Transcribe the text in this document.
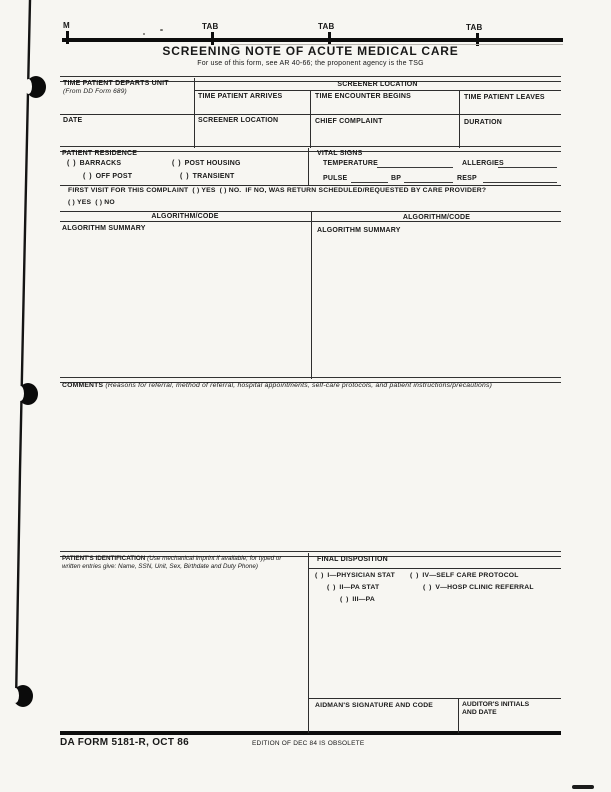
M	TAB	TAB	TAB
SCREENING NOTE OF ACUTE MEDICAL CARE
For use of this form, see AR 40-66; the proponent agency is the TSG
TIME PATIENT DEPARTS UNIT
(From DD Form 689)
SCREENER LOCATION
TIME PATIENT ARRIVES	TIME ENCOUNTER BEGINS	TIME PATIENT LEAVES
DATE	SCREENER LOCATION	CHIEF COMPLAINT	DURATION
PATIENT RESIDENCE
( ) BARRACKS	( ) POST HOUSING
( ) OFF POST	( ) TRANSIENT
VITAL SIGNS
TEMPERATURE	ALLERGIES
PULSE	BP	RESP
FIRST VISIT FOR THIS COMPLAINT ( ) YES ( ) NO. IF NO, WAS RETURN SCHEDULED/REQUESTED BY CARE PROVIDER?
( ) YES ( ) NO
ALGORITHM/CODE	ALGORITHM/CODE
ALGORITHM SUMMARY	ALGORITHM SUMMARY
COMMENTS (Reasons for referral, method of referral, hospital appointments, self-care protocols, and patient instructions/precautions)
PATIENT'S IDENTIFICATION (Use mechanical imprint if available; for typed or written entries give: Name, SSN, Unit, Sex, Birthdate and Duty Phone)
FINAL DISPOSITION
( ) I—PHYSICIAN STAT ( ) IV—SELF CARE PROTOCOL
( ) II—PA STAT	( ) V—HOSP CLINIC REFERRAL
( ) III—PA
AIDMAN'S SIGNATURE AND CODE	AUDITOR'S INITIALS AND DATE
DA FORM 5181-R, OCT 86	EDITION OF DEC 84 IS OBSOLETE
